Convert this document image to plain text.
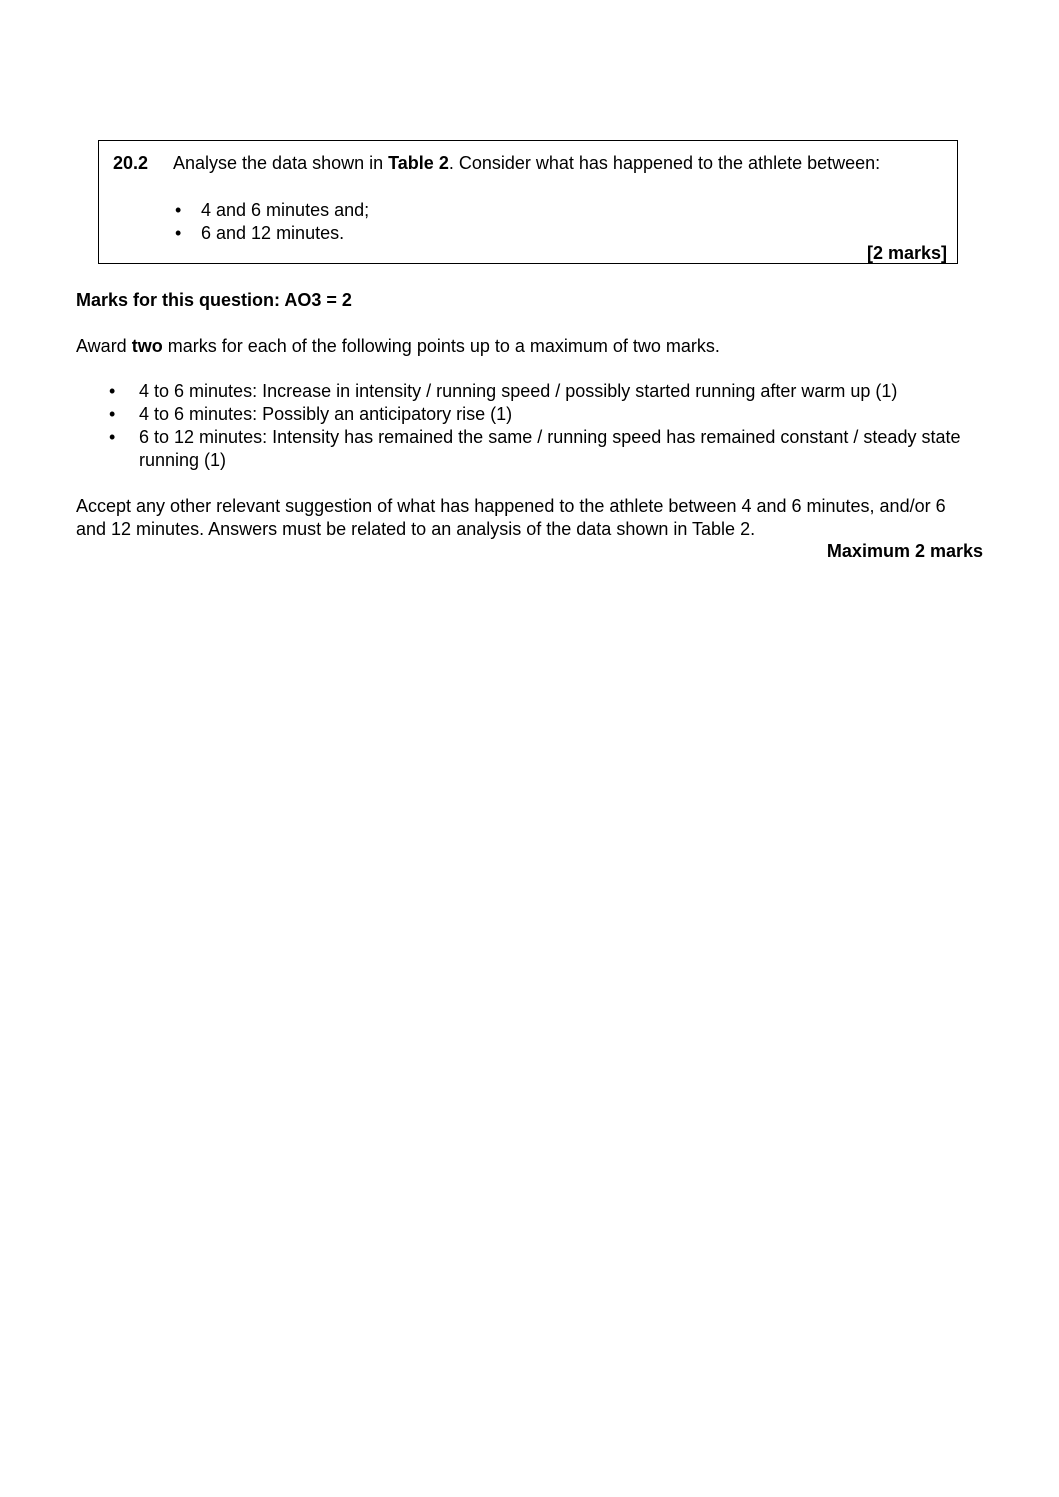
20.2 Analyse the data shown in Table 2. Consider what has happened to the athlete between:
• 4 and 6 minutes and;
• 6 and 12 minutes.
[2 marks]
Marks for this question: AO3 = 2
Award two marks for each of the following points up to a maximum of two marks.
• 4 to 6 minutes: Increase in intensity / running speed / possibly started running after warm up (1)
• 4 to 6 minutes: Possibly an anticipatory rise (1)
• 6 to 12 minutes: Intensity has remained the same / running speed has remained constant / steady state running (1)
Accept any other relevant suggestion of what has happened to the athlete between 4 and 6 minutes, and/or 6 and 12 minutes. Answers must be related to an analysis of the data shown in Table 2.
Maximum 2 marks
